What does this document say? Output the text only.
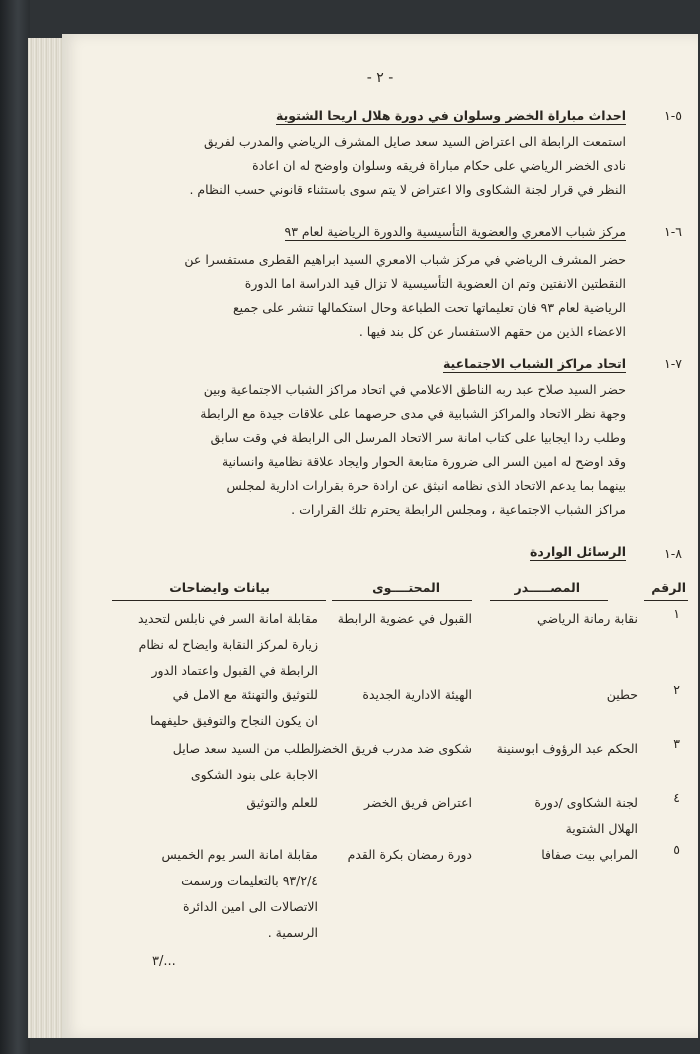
- ٢ -
٥-١
احداث مباراة الخضر وسلوان في دورة هلال اريحا الشتوية
استمعت الرابطة الى اعتراض السيد سعد صايل المشرف الرياضي والمدرب لفريق
نادى الخضر الرياضي على حكام مباراة فريقه وسلوان واوضح له ان اعادة
النظر في قرار لجنة الشكاوى والا اعتراض لا يتم سوى باستثناء قانوني حسب النظام .
٦-١
مركز شباب الامعري والعضوية التأسيسية والدورة الرياضية لعام ٩٣
حضر المشرف الرياضي في مركز شباب الامعري السيد ابراهيم القطرى مستفسرا عن
النقطتين الانفتين وتم ان العضوية التأسيسية لا تزال قيد الدراسة اما الدورة
الرياضية لعام ٩٣ فان تعليماتها تحت الطباعة وحال استكمالها تنشر على جميع
الاعضاء الذين من حقهم الاستفسار عن كل بند فيها .
٧-١
اتحاد مراكز الشباب الاجتماعية
حضر السيد صلاح عبد ربه الناطق الاعلامي في اتحاد مراكز الشباب الاجتماعية وبين
وجهة نظر الاتحاد والمراكز الشبابية في مدى حرصهما على علاقات جيدة مع الرابطة
وطلب ردا ايجابيا على كتاب امانة سر الاتحاد المرسل الى الرابطة في وقت سابق
وقد اوضح له امين السر الى ضرورة متابعة الحوار وايجاد علاقة نظامية وانسانية
بينهما بما يدعم الاتحاد الذى نظامه انبثق عن ارادة حرة بقرارات ادارية لمجلس
مراكز الشباب الاجتماعية ، ومجلس الرابطة يحترم تلك القرارات .
٨-١
الرسائل الواردة
الرقم
المصـــــدر
المحتــــوى
بيانات وايضاحات
١
نقابة رمانة الرياضي
القبول في عضوية الرابطة
مقابلة امانة السر في نابلس لتحديد
زيارة لمركز النقابة وايضاح له نظام
الرابطة في القبول واعتماد الدور
٢
حطين
الهيئة الادارية الجديدة
للتوثيق والتهنئة مع الامل في
ان يكون النجاح والتوفيق حليفهما
٣
الحكم عبد الرؤوف ابوسنينة
شكوى ضد مدرب فريق الخضر
الطلب من السيد سعد صايل
الاجابة على بنود الشكوى
٤
لجنة الشكاوى /دورة
الهلال الشتوية
اعتراض فريق الخضر
للعلم والتوثيق
٥
المرابي بيت صفافا
دورة رمضان بكرة القدم
مقابلة امانة السر يوم الخميس
٩٣/٢/٤ بالتعليمات ورسمت
الاتصالات الى امين الدائرة
الرسمية .
٣/...
